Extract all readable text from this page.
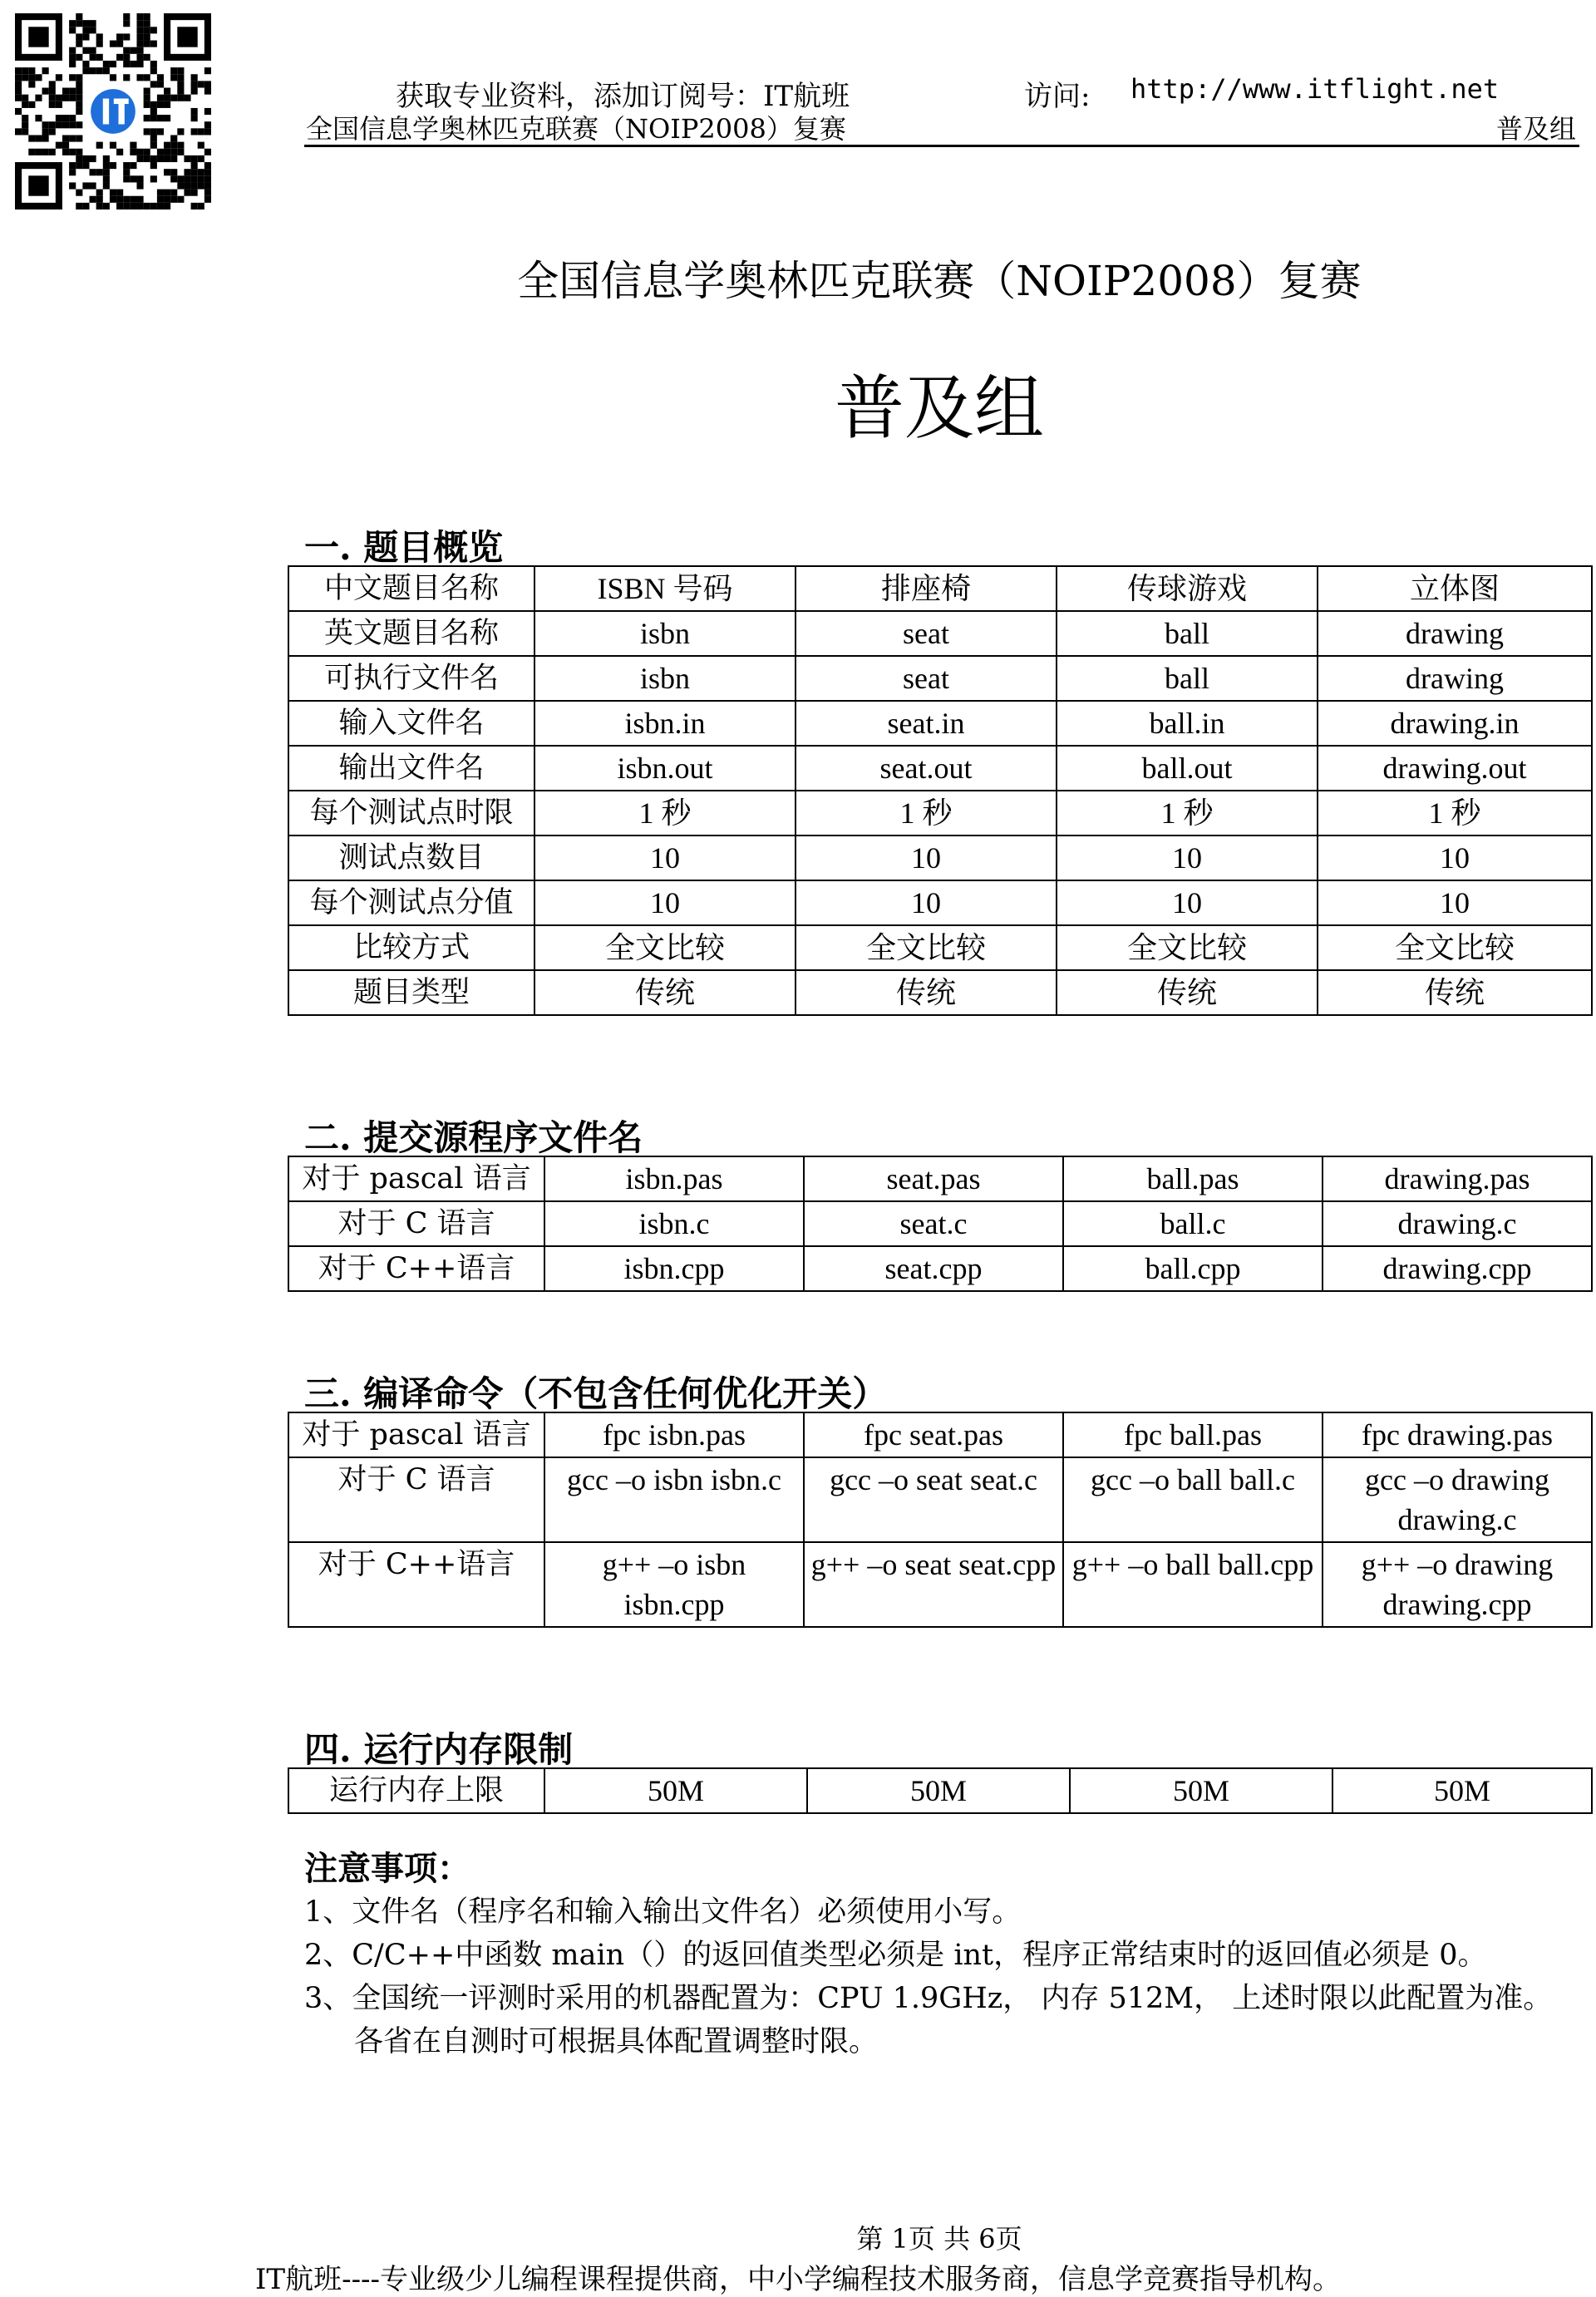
获取专业资料，添加订阅号：IT航班	访问: http://www.itflight.net
全国信息学奥林匹克联赛（NOIP2008）复赛	普及组
全国信息学奥林匹克联赛（NOIP2008）复赛
普及组
一. 题目概览
中文题目名称	ISBN 号码	排座椅	传球游戏	立体图
英文题目名称	isbn	seat	ball	drawing
可执行文件名	isbn	seat	ball	drawing
输入文件名	isbn.in	seat.in	ball.in	drawing.in
输出文件名	isbn.out	seat.out	ball.out	drawing.out
每个测试点时限	1 秒	1 秒	1 秒	1 秒
测试点数目	10	10	10	10
每个测试点分值	10	10	10	10
比较方式	全文比较	全文比较	全文比较	全文比较
题目类型	传统	传统	传统	传统
二. 提交源程序文件名
对于 pascal 语言	isbn.pas	seat.pas	ball.pas	drawing.pas
对于 C 语言	isbn.c	seat.c	ball.c	drawing.c
对于 C++语言	isbn.cpp	seat.cpp	ball.cpp	drawing.cpp
三. 编译命令（不包含任何优化开关）
对于 pascal 语言	fpc isbn.pas	fpc seat.pas	fpc ball.pas	fpc drawing.pas
对于 C 语言	gcc –o isbn isbn.c	gcc –o seat seat.c	gcc –o ball ball.c	gcc –o drawing drawing.c
对于 C++语言	g++ –o isbn isbn.cpp	g++ –o seat seat.cpp	g++ –o ball ball.cpp	g++ –o drawing drawing.cpp
四. 运行内存限制
运行内存上限	50M	50M	50M	50M
注意事项：
1、文件名（程序名和输入输出文件名）必须使用小写。
2、C/C++中函数 main（）的返回值类型必须是 int，程序正常结束时的返回值必须是 0。
3、全国统一评测时采用的机器配置为：CPU 1.9GHz， 内存 512M， 上述时限以此配置为准。
各省在自测时可根据具体配置调整时限。
第 1页 共 6页
IT航班----专业级少儿编程课程提供商，中小学编程技术服务商，信息学竞赛指导机构。
